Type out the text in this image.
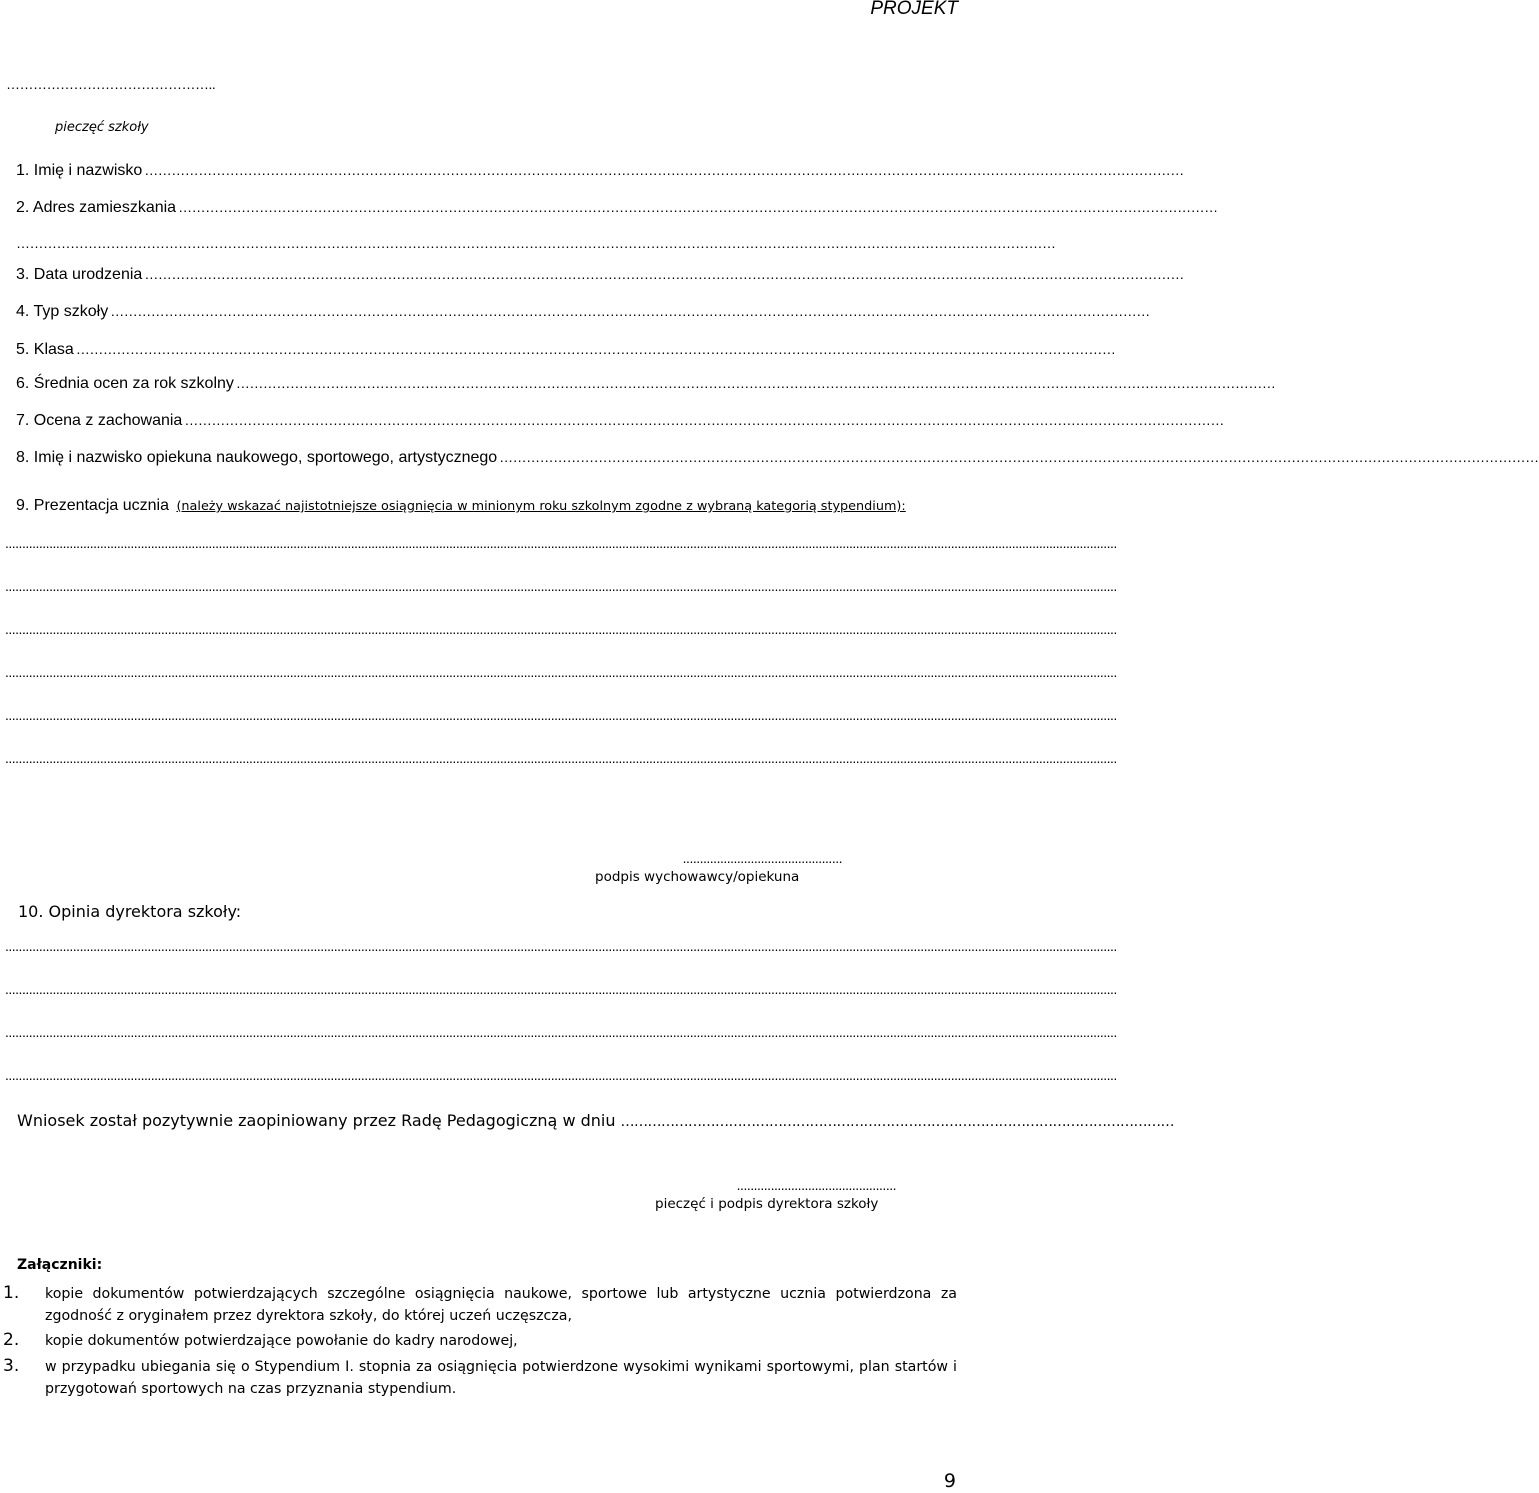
PROJEKT
………………………………………..
pieczęć szkoły
1. Imię i nazwisko ……………………………………………………………………………………………………………………………………………………………………………………………………………
2. Adres zamieszkania ……………………………………………………………………………………………………………………………………………………………………………………………………………
……………………………………………………………………………………………………………………………………………………………………………………………………………
3. Data urodzenia ……………………………………………………………………………………………………………………………………………………………………………………………………………
4. Typ szkoły ……………………………………………………………………………………………………………………………………………………………………………………………………………
5. Klasa ……………………………………………………………………………………………………………………………………………………………………………………………………………
6. Średnia ocen za rok szkolny ……………………………………………………………………………………………………………………………………………………………………………………………………………
7. Ocena z zachowania ……………………………………………………………………………………………………………………………………………………………………………………………………………
8. Imię i nazwisko opiekuna naukowego, sportowego, artystycznego ……………………………………………………………………………………………………………………………………………………………………………………………………………
9. Prezentacja ucznia (należy wskazać najistotniejsze osiągnięcia w minionym roku szkolnym zgodne z wybraną kategorią stypendium):
........................................................................................................................................................................................................................................................................................................................................
........................................................................................................................................................................................................................................................................................................................................
........................................................................................................................................................................................................................................................................................................................................
........................................................................................................................................................................................................................................................................................................................................
........................................................................................................................................................................................................................................................................................................................................
........................................................................................................................................................................................................................................................................................................................................
...............................................
podpis wychowawcy/opiekuna
10. Opinia dyrektora szkoły:
........................................................................................................................................................................................................................................................................................................................................
........................................................................................................................................................................................................................................................................................................................................
........................................................................................................................................................................................................................................................................................................................................
........................................................................................................................................................................................................................................................................................................................................
Wniosek został pozytywnie zaopiniowany przez Radę Pedagogiczną w dniu ……………………………………………………………………………………………………………
...............................................
pieczęć i podpis dyrektora szkoły
Załączniki:
1. kopie dokumentów potwierdzających szczególne osiągnięcia naukowe, sportowe lub artystyczne ucznia potwierdzona za zgodność z oryginałem przez dyrektora szkoły, do której uczeń uczęszcza,
2. kopie dokumentów potwierdzające powołanie do kadry narodowej,
3. w przypadku ubiegania się o Stypendium I. stopnia za osiągnięcia potwierdzone wysokimi wynikami sportowymi, plan startów i przygotowań sportowych na czas przyznania stypendium.
9
